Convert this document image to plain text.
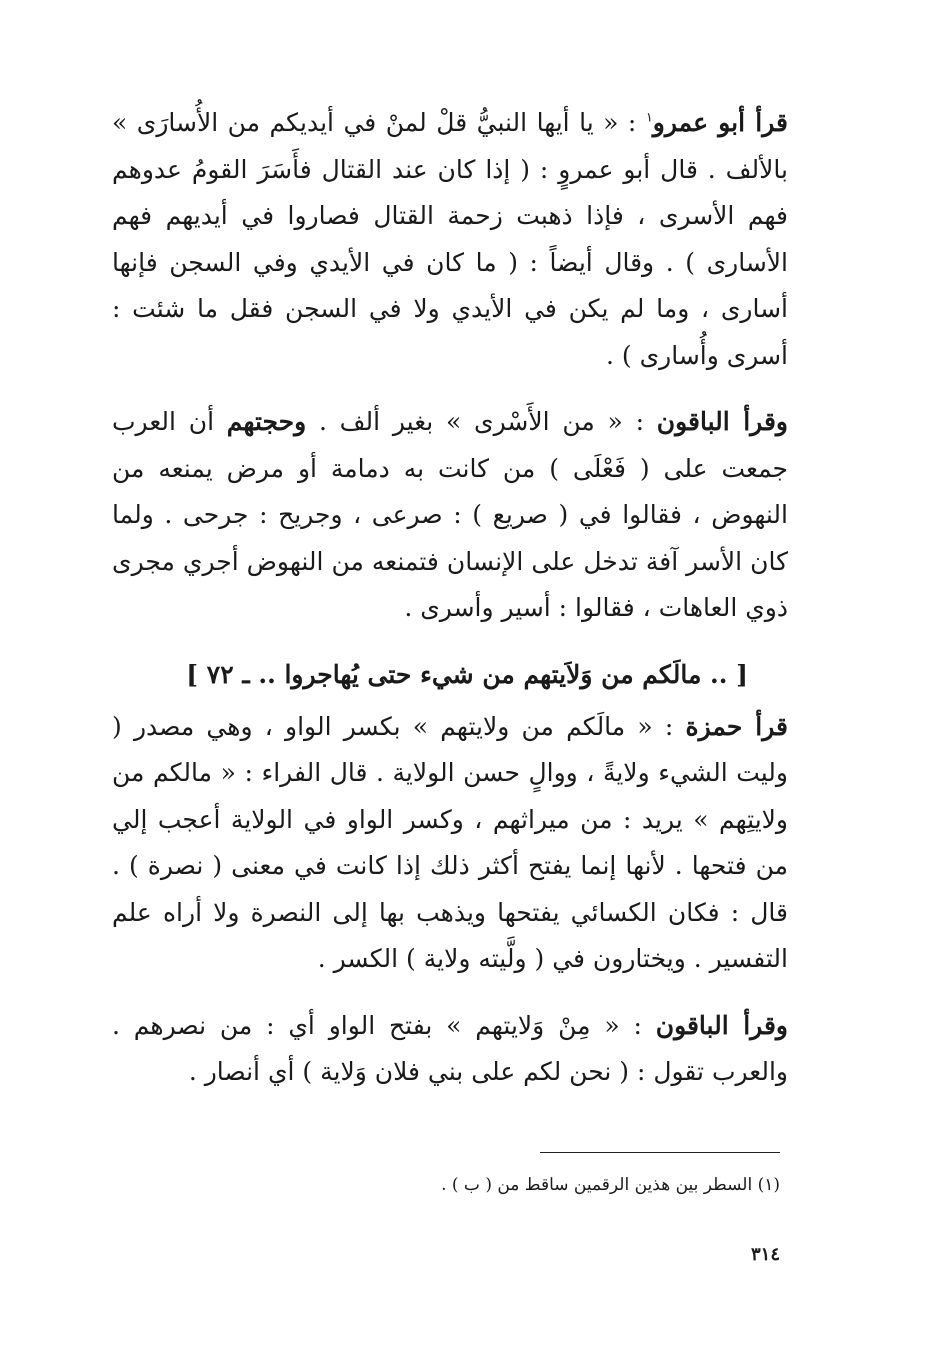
قرأ أبو عمرو$^١$ : « يا أيها النبيُّ قلْ لمنْ في أيديكم من الأُسارَى » بالألف . قال أبو عمروٍ : ( إذا كان عند القتال فأَسَرَ القومُ عدوهم فهم الأسرى ، فإذا ذهبت زحمة القتال فصاروا في أيديهم فهم الأسارى ) . وقال أيضاً : ( ما كان في الأيدي وفي السجن فإنها أسارى ، وما لم يكن في الأيدي ولا في السجن فقل ما شئت : أسرى وأُسارى ) .

وقرأ الباقون : « من الأَسْرى » بغير ألف . وحجتهم أن العرب جمعت على ( فَعْلَى ) من كانت به دمامة أو مرض يمنعه من النهوض ، فقالوا في ( صريع ) : صرعى ، وجريح : جرحى . ولما كان الأسر آفة تدخل على الإنسان فتمنعه من النهوض أجري مجرى ذوي العاهات ، فقالوا : أسير وأسرى .

[ .. مالَكم من وَلاَيتهم من شيء حتى يُهاجروا .. ـ ٧٢ ]

قرأ حمزة : « مالَكم من ولايتهم » بكسر الواو ، وهي مصدر ( وليت الشيء ولايةً ، ووالٍ حسن الولاية . قال الفراء : « مالكم من ولايتِهم » يريد : من ميراثهم ، وكسر الواو في الولاية أعجب إلي من فتحها . لأنها إنما يفتح أكثر ذلك إذا كانت في معنى ( نصرة ) . قال : فكان الكسائي يفتحها ويذهب بها إلى النصرة ولا أراه علم التفسير . ويختارون في ( ولَّيته ولاية ) الكسر .

وقرأ الباقون : « مِنْ وَلايتهم » بفتح الواو أي : من نصرهم . والعرب تقول : ( نحن لكم على بني فلان وَلاية ) أي أنصار .

(١) السطر بين هذين الرقمين ساقط من ( ب ) .
٣١٤
